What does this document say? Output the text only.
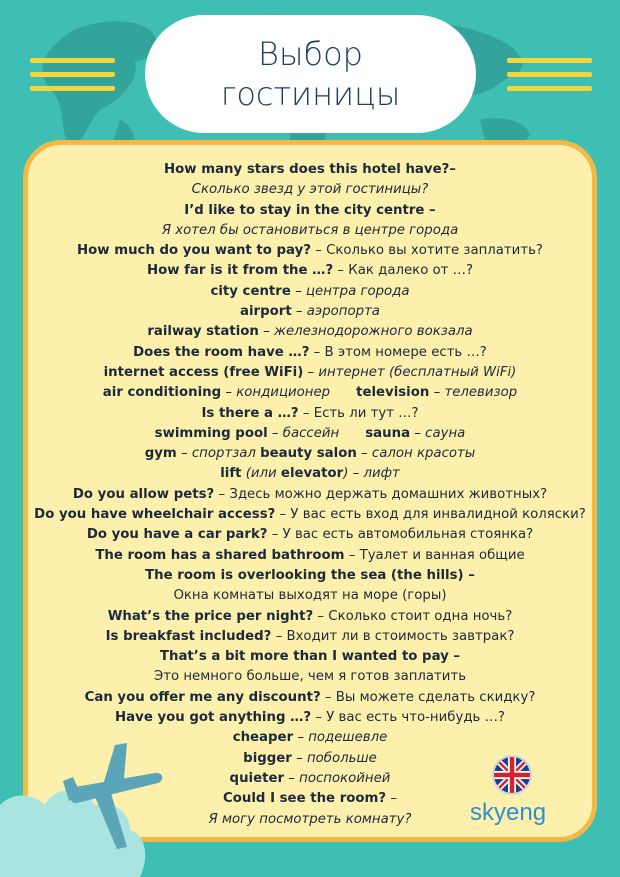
Выбор
гостиницы
How many stars does this hotel have?–
Сколько звезд у этой гостиницы?
I’d like to stay in the city centre –
Я хотел бы остановиться в центре города
How much do you want to pay? – Сколько вы хотите заплатить?
How far is it from the …? – Как далеко от …?
city centre – центра города
airport – аэропорта
railway station – железнодорожного вокзала
Does the room have …? – В этом номере есть …?
internet access (free WiFi) – интернет (бесплатный WiFi)
air conditioning – кондиционер television – телевизор
Is there a …? – Есть ли тут …?
swimming pool – бассейн sauna – сауна
gym – спортзал beauty salon – салон красоты
lift (или elevator) – лифт
Do you allow pets? – Здесь можно держать домашних животных?
Do you have wheelchair access? – У вас есть вход для инвалидной коляски?
Do you have a car park? – У вас есть автомобильная стоянка?
The room has a shared bathroom – Туалет и ванная общие
The room is overlooking the sea (the hills) –
Окна комнаты выходят на море (горы)
What’s the price per night? – Сколько стоит одна ночь?
Is breakfast included? – Входит ли в стоимость завтрак?
That’s a bit more than I wanted to pay –
Это немного больше, чем я готов заплатить
Can you offer me any discount? – Вы можете сделать скидку?
Have you got anything …? – У вас есть что-нибудь …?
cheaper – подешевле
bigger – побольше
quieter – поспокойней
Could I see the room? –
Я могу посмотреть комнату?	skyeng
